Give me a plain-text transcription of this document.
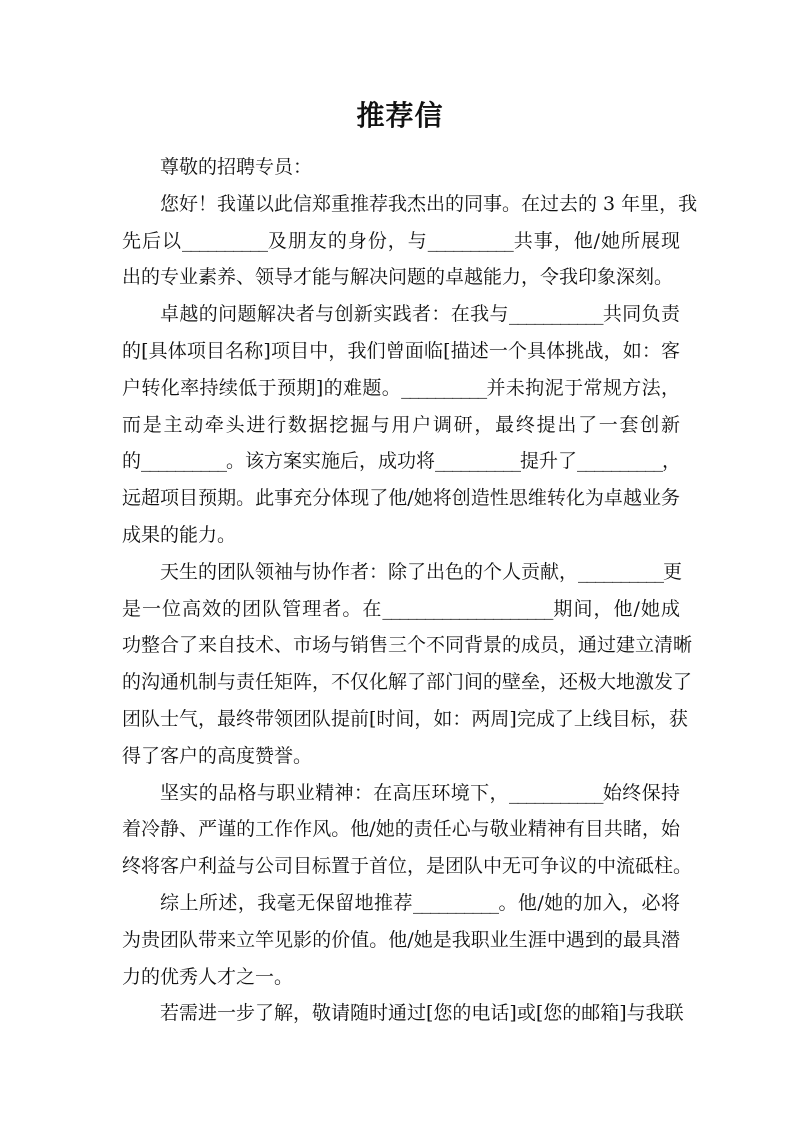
推荐信
尊敬的招聘专员：
您好！我谨以此信郑重推荐我杰出的同事。在过去的 3 年里，我
先后以__________及朋友的身份，与__________共事，他/她所展现
出的专业素养、领导才能与解决问题的卓越能力，令我印象深刻。
卓越的问题解决者与创新实践者：在我与___________共同负责
的[具体项目名称]项目中，我们曾面临[描述一个具体挑战，如：客
户转化率持续低于预期]的难题。__________并未拘泥于常规方法，
而是主动牵头进行数据挖掘与用户调研，最终提出了一套创新
的__________。该方案实施后，成功将__________提升了__________，
远超项目预期。此事充分体现了他/她将创造性思维转化为卓越业务
成果的能力。
天生的团队领袖与协作者：除了出色的个人贡献，__________更
是一位高效的团队管理者。在____________________期间，他/她成
功整合了来自技术、市场与销售三个不同背景的成员，通过建立清晰
的沟通机制与责任矩阵，不仅化解了部门间的壁垒，还极大地激发了
团队士气，最终带领团队提前[时间，如：两周]完成了上线目标，获
得了客户的高度赞誉。
坚实的品格与职业精神：在高压环境下，___________始终保持
着冷静、严谨的工作作风。他/她的责任心与敬业精神有目共睹，始
终将客户利益与公司目标置于首位，是团队中无可争议的中流砥柱。
综上所述，我毫无保留地推荐__________。他/她的加入，必将
为贵团队带来立竿见影的价值。他/她是我职业生涯中遇到的最具潜
力的优秀人才之一。
若需进一步了解，敬请随时通过[您的电话]或[您的邮箱]与我联
